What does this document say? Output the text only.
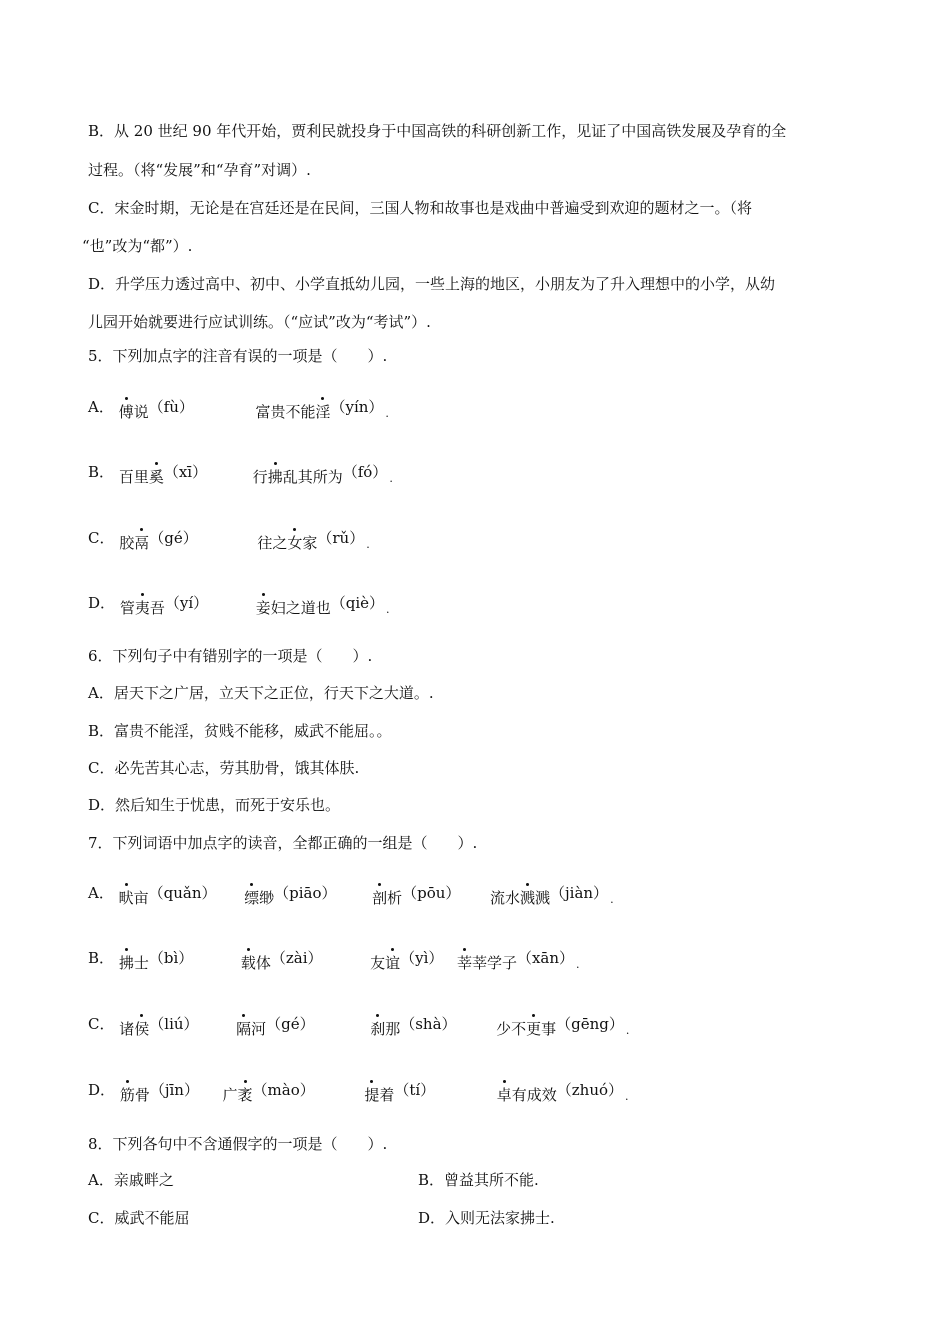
B．从 20 世纪 90 年代开始，贾利民就投身于中国高铁的科研创新工作，见证了中国高铁发展及孕育的全
过程。（将“发展”和“孕育”对调）.
C．宋金时期，无论是在宫廷还是在民间，三国人物和故事也是戏曲中普遍受到欢迎的题材之一。（将
“也”改为“都”）.
D．升学压力透过高中、初中、小学直抵幼儿园，一些上海的地区，小朋友为了升入理想中的小学，从幼
儿园开始就要进行应试训练。（“应试”改为“考试”）.
5．下列加点字的注音有误的一项是（　　）.
A． 傅说（fù）	富贵不能淫（yín） $_.$
B． 百里奚（xī）	行拂乱其所为（fó） $_.$
C． 胶鬲（gé）	往之女家（rǔ） $_.$
D． 管夷吾（yí）	妾妇之道也（qiè） $_.$
6．下列句子中有错别字的一项是（　　）.
A．居天下之广居，立天下之正位，行天下之大道。.
B．富贵不能淫，贫贱不能移，威武不能屈。。
C．必先苦其心志，劳其肋骨，饿其体肤.
D．然后知生于忧患，而死于安乐也。
7．下列词语中加点字的读音，全都正确的一组是（　　）.
A． 畎亩（quǎn） 缥缈（piāo） 剖析（pōu） 流水溅溅（jiàn） $_.$
B． 拂士（bì）	载体（zài）	友谊（yì） 莘莘学子（xān） $_.$
C． 诸侯（liú）	隔河（gé）	刹那（shà）	少不更事（gēng） $_.$
D． 筋骨（jīn） 广袤（mào）	提着（tí）	卓有成效（zhuó） $_.$
8．下列各句中不含通假字的一项是（　　）.
A．亲戚畔之	B．曾益其所不能.
C．威武不能屈	D．入则无法家拂士.
